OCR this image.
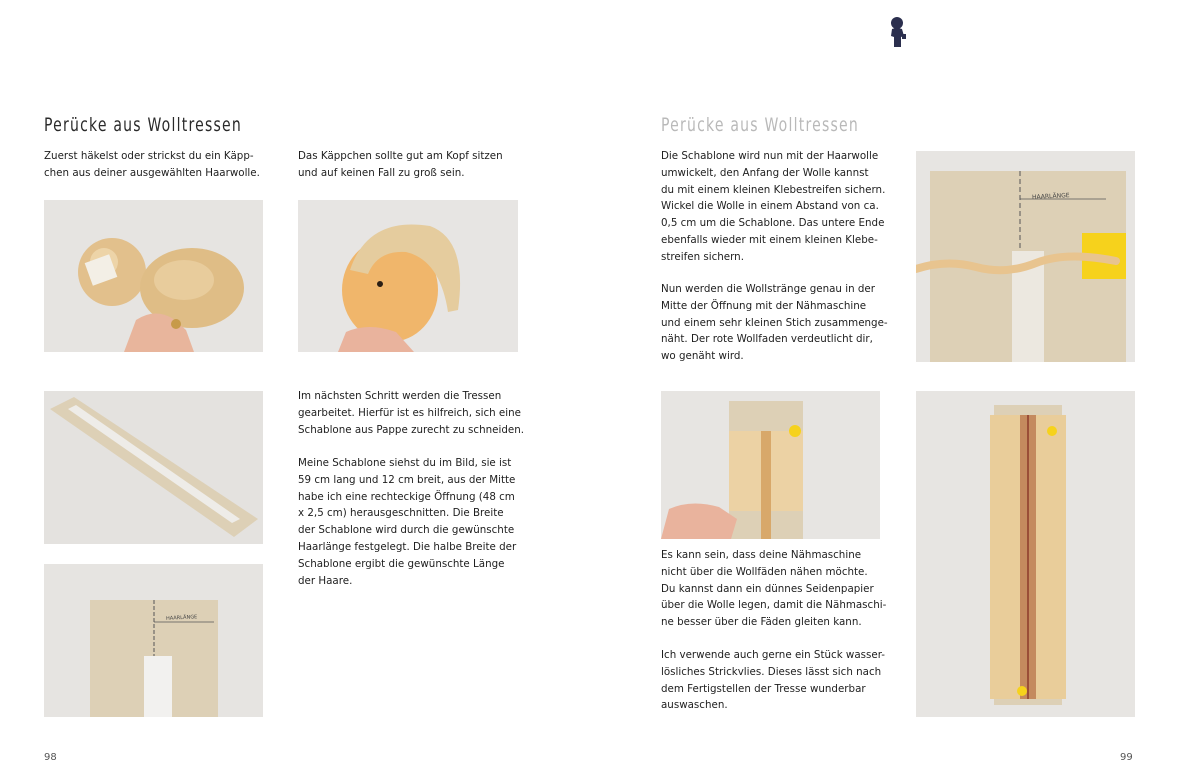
Perücke aus Wolltressen
Zuerst häkelst oder strickst du ein Käpp-
chen aus deiner ausgewählten Haarwolle.
Das Käppchen sollte gut am Kopf sitzen
und auf keinen Fall zu groß sein.
HAARLÄNGE
Im nächsten Schritt werden die Tressen
gearbeitet. Hierfür ist es hilfreich, sich eine
Schablone aus Pappe zurecht zu schneiden.
Meine Schablone siehst du im Bild, sie ist
59 cm lang und 12 cm breit, aus der Mitte
habe ich eine rechteckige Öffnung (48 cm
x 2,5 cm) herausgeschnitten. Die Breite
der Schablone wird durch die gewünschte
Haarlänge festgelegt. Die halbe Breite der
Schablone ergibt die gewünschte Länge
der Haare.
98
Perücke aus Wolltressen
Die Schablone wird nun mit der Haarwolle
umwickelt, den Anfang der Wolle kannst
du mit einem kleinen Klebestreifen sichern.
Wickel die Wolle in einem Abstand von ca.
0,5 cm um die Schablone. Das untere Ende
ebenfalls wieder mit einem kleinen Klebe-
streifen sichern.
Nun werden die Wollstränge genau in der
Mitte der Öffnung mit der Nähmaschine
und einem sehr kleinen Stich zusammenge-
näht. Der rote Wollfaden verdeutlicht dir,
wo genäht wird.
HAARLÄNGE
Es kann sein, dass deine Nähmaschine
nicht über die Wollfäden nähen möchte.
Du kannst dann ein dünnes Seidenpapier
über die Wolle legen, damit die Nähmaschi-
ne besser über die Fäden gleiten kann.
Ich verwende auch gerne ein Stück wasser-
lösliches Strickvlies. Dieses lässt sich nach
dem Fertigstellen der Tresse wunderbar
auswaschen.
99
